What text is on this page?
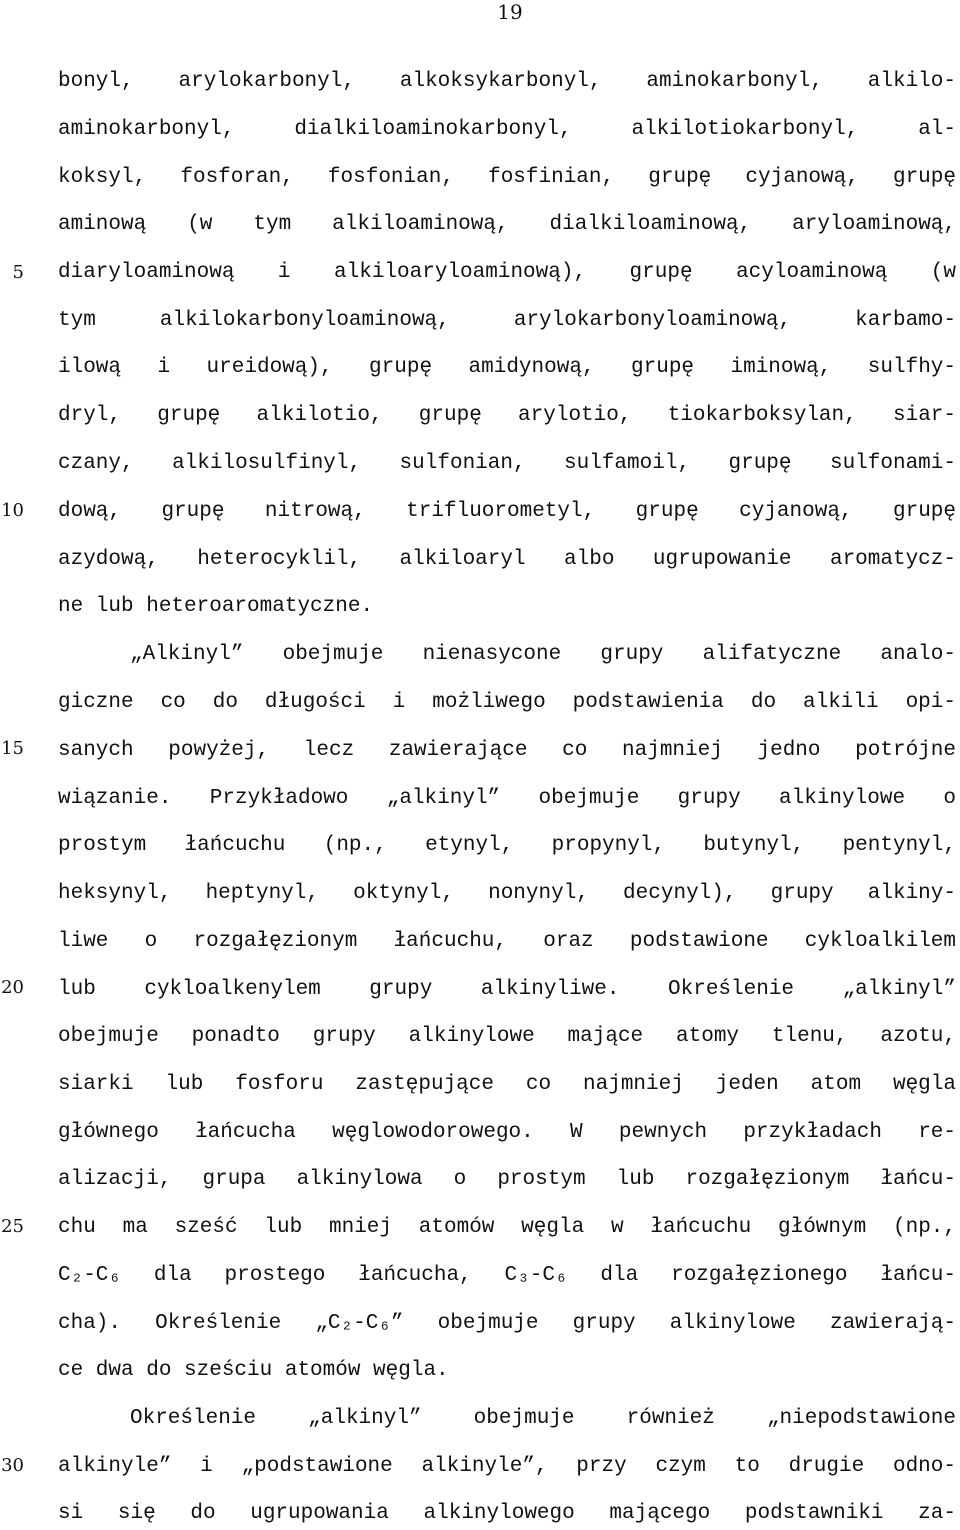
19
5
10
15
20
25
30
bonyl, arylokarbonyl, alkoksykarbonyl, aminokarbonyl, alkilo-
aminokarbonyl, dialkiloaminokarbonyl, alkilotiokarbonyl, al-
koksyl, fosforan, fosfonian, fosfinian, grupę cyjanową, grupę
aminową (w tym alkiloaminową, dialkiloaminową, aryloaminową,
diaryloaminową i alkiloaryloaminową), grupę acyloaminową (w
tym alkilokarbonyloaminową, arylokarbonyloaminową, karbamo-
ilową i ureidową), grupę amidynową, grupę iminową, sulfhy-
dryl, grupę alkilotio, grupę arylotio, tiokarboksylan, siar-
czany, alkilosulfinyl, sulfonian, sulfamoil, grupę sulfonami-
dową, grupę nitrową, trifluorometyl, grupę cyjanową, grupę
azydową, heterocyklil, alkiloaryl albo ugrupowanie aromatycz-
ne lub heteroaromatyczne.
„Alkinyl” obejmuje nienasycone grupy alifatyczne analo-
giczne co do długości i możliwego podstawienia do alkili opi-
sanych powyżej, lecz zawierające co najmniej jedno potrójne
wiązanie. Przykładowo „alkinyl” obejmuje grupy alkinylowe o
prostym łańcuchu (np., etynyl, propynyl, butynyl, pentynyl,
heksynyl, heptynyl, oktynyl, nonynyl, decynyl), grupy alkiny-
liwe o rozgałęzionym łańcuchu, oraz podstawione cykloalkilem
lub cykloalkenylem grupy alkinyliwe. Określenie „alkinyl”
obejmuje ponadto grupy alkinylowe mające atomy tlenu, azotu,
siarki lub fosforu zastępujące co najmniej jeden atom węgla
głównego łańcucha węglowodorowego. W pewnych przykładach re-
alizacji, grupa alkinylowa o prostym lub rozgałęzionym łańcu-
chu ma sześć lub mniej atomów węgla w łańcuchu głównym (np.,
C₂-C₆ dla prostego łańcucha, C₃-C₆ dla rozgałęzionego łańcu-
cha). Określenie „C₂-C₆” obejmuje grupy alkinylowe zawierają-
ce dwa do sześciu atomów węgla.
Określenie „alkinyl” obejmuje również „niepodstawione
alkinyle” i „podstawione alkinyle”, przy czym to drugie odno-
si się do ugrupowania alkinylowego mającego podstawniki za-
